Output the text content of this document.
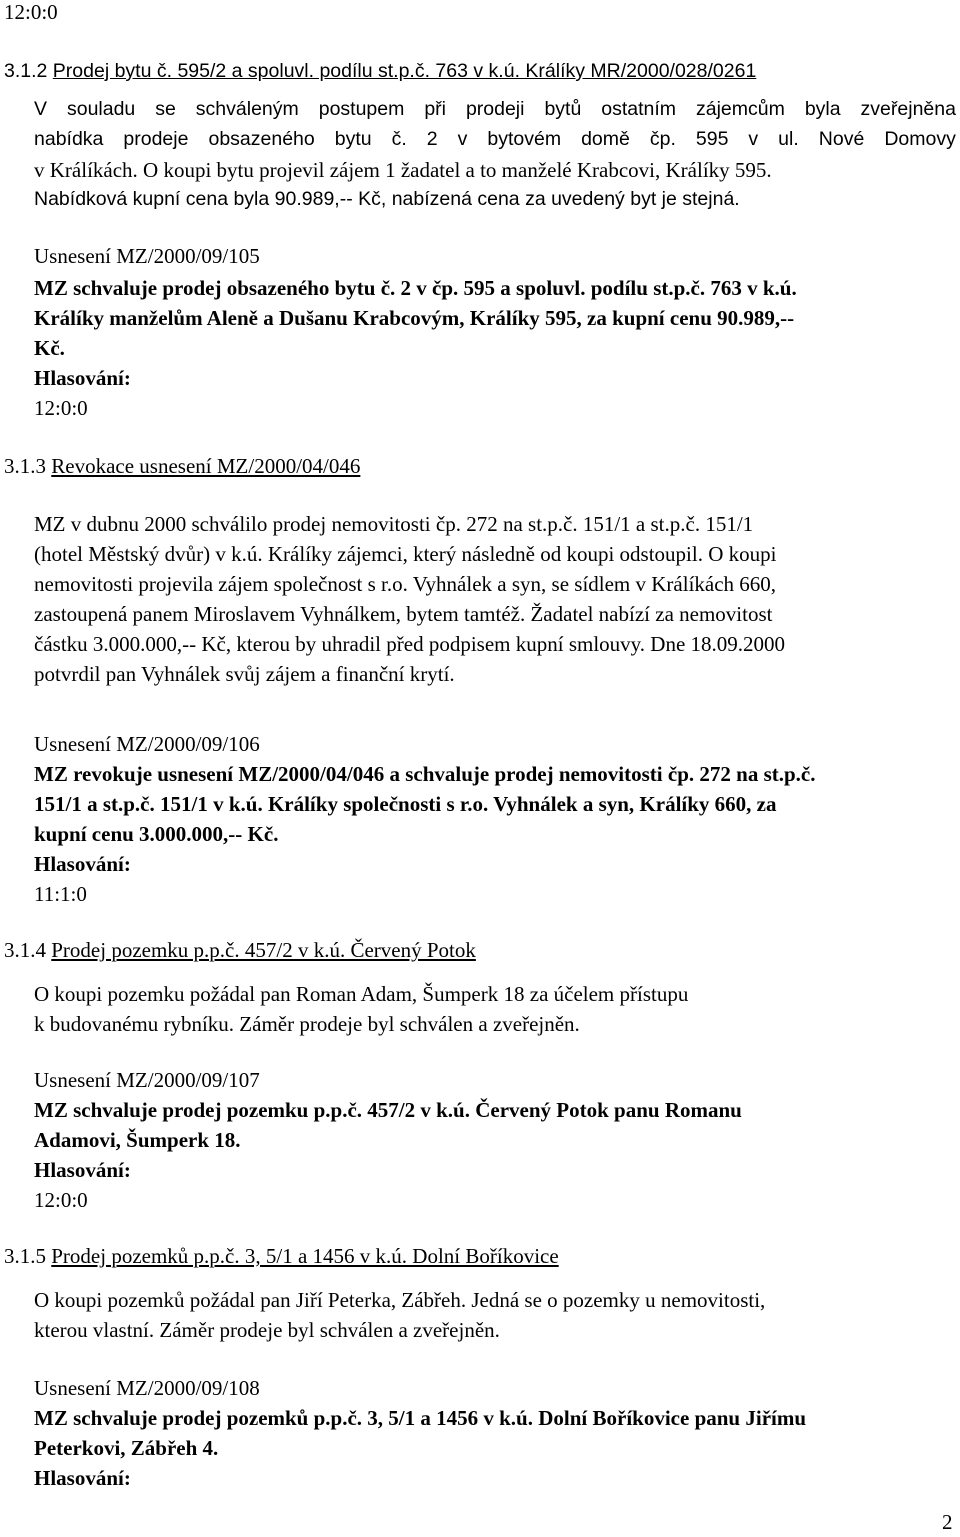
12:0:0
3.1.2 Prodej bytu č. 595/2 a spoluvl. podílu st.p.č. 763 v k.ú. Králíky MR/2000/028/0261
V souladu se schváleným postupem při prodeji bytů ostatním zájemcům byla zveřejněna
nabídka prodeje obsazeného bytu č. 2 v bytovém domě čp. 595 v ul. Nové Domovy
v Králíkách. O koupi bytu projevil zájem 1 žadatel a to manželé Krabcovi, Králíky 595.
Nabídková kupní cena byla 90.989,-- Kč, nabízená cena za uvedený byt je stejná.
Usnesení MZ/2000/09/105
MZ schvaluje prodej obsazeného bytu č. 2 v čp. 595 a spoluvl. podílu st.p.č. 763 v k.ú.
Králíky manželům Aleně a Dušanu Krabcovým, Králíky 595, za kupní cenu 90.989,--
Kč.
Hlasování:
12:0:0
3.1.3 Revokace usnesení MZ/2000/04/046
MZ v dubnu 2000 schválilo prodej nemovitosti čp. 272 na st.p.č. 151/1 a st.p.č. 151/1
(hotel Městský dvůr) v k.ú. Králíky zájemci, který následně od koupi odstoupil. O koupi
nemovitosti projevila zájem společnost s r.o. Vyhnálek a syn, se sídlem v Králíkách 660,
zastoupená panem Miroslavem Vyhnálkem, bytem tamtéž. Žadatel nabízí za nemovitost
částku 3.000.000,-- Kč, kterou by uhradil před podpisem kupní smlouvy. Dne 18.09.2000
potvrdil pan Vyhnálek svůj zájem a finanční krytí.
Usnesení MZ/2000/09/106
MZ revokuje usnesení MZ/2000/04/046 a schvaluje prodej nemovitosti čp. 272 na st.p.č.
151/1 a st.p.č. 151/1 v k.ú. Králíky společnosti s r.o. Vyhnálek a syn, Králíky 660, za
kupní cenu 3.000.000,-- Kč.
Hlasování:
11:1:0
3.1.4 Prodej pozemku p.p.č. 457/2 v k.ú. Červený Potok
O koupi pozemku požádal pan Roman Adam, Šumperk 18 za účelem přístupu
k budovanému rybníku. Záměr prodeje byl schválen a zveřejněn.
Usnesení MZ/2000/09/107
MZ schvaluje prodej pozemku p.p.č. 457/2 v k.ú. Červený Potok panu Romanu
Adamovi, Šumperk 18.
Hlasování:
12:0:0
3.1.5 Prodej pozemků p.p.č. 3, 5/1 a 1456 v k.ú. Dolní Boříkovice
O koupi pozemků požádal pan Jiří Peterka, Zábřeh. Jedná se o pozemky u nemovitosti,
kterou vlastní. Záměr prodeje byl schválen a zveřejněn.
Usnesení MZ/2000/09/108
MZ schvaluje prodej pozemků p.p.č. 3, 5/1 a 1456 v k.ú. Dolní Boříkovice panu Jiřímu
Peterkovi, Zábřeh 4.
Hlasování:
2
